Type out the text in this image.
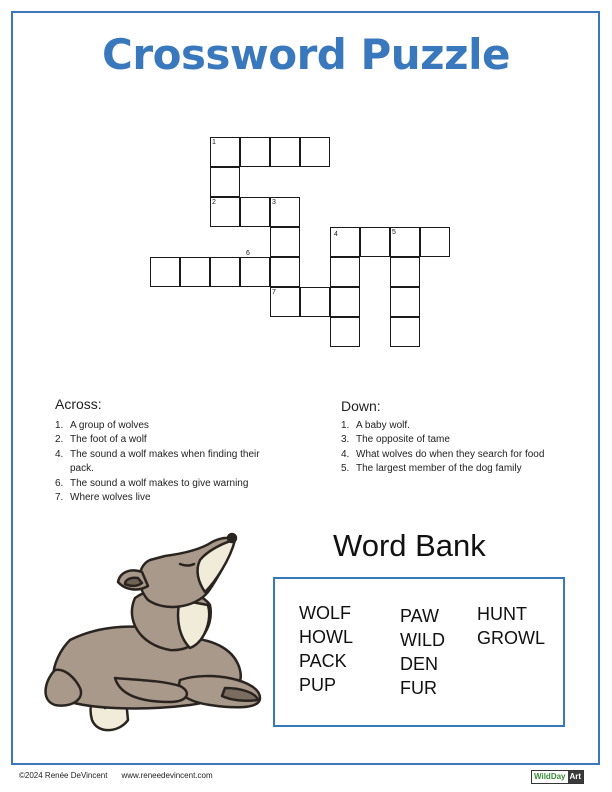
Crossword Puzzle
1
2	3
4	5
6
7
Across:
1. A group of wolves
2. The foot of a wolf
4. The sound a wolf makes when finding their pack.
6. The sound a wolf makes to give warning
7. Where wolves live
Down:
1. A baby wolf.
3. The opposite of tame
4. What wolves do when they search for food
5. The largest member of the dog family
Word Bank
WOLF
HOWL
PACK
PUP
PAW
WILD
DEN
FUR
HUNT
GROWL
©2024 Renée DeVincent www.reneedevincent.com	WildDay Art
